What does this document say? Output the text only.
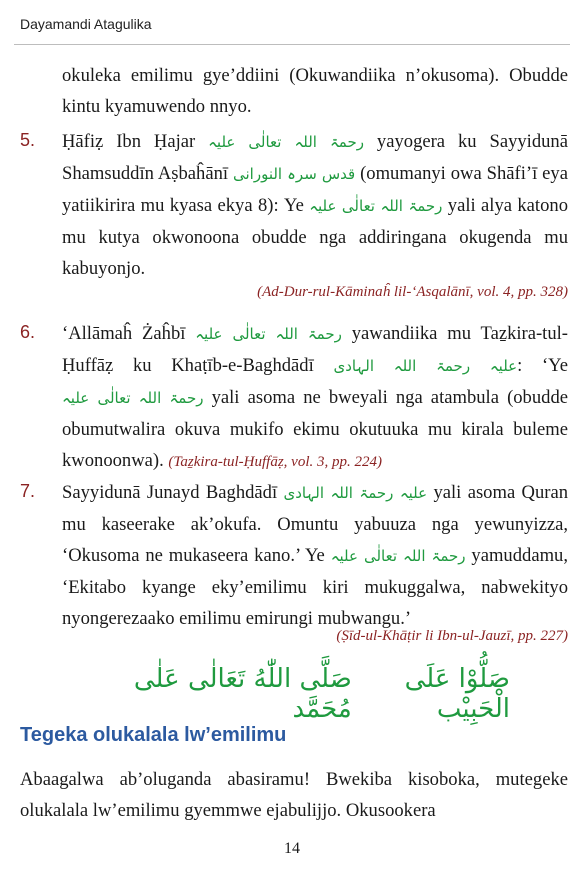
Dayamandi Atagulika
okuleka emilimu gye’ddiini (Okuwandiika n’okusoma). Obudde kintu kyamuwendo nnyo.
5. Ḥāfiẓ Ibn Ḥajar رحمۃ اللہ تعالٰی علیہ yayogera ku Sayyidunā Shamsuddīn Aṣbaĥānī قدس سرہ النورانی (omumanyi owa Shāfi’ī eya yatiikirira mu kyasa ekya 8): Ye رحمۃ اللہ تعالٰی علیہ yali alya katono mu kutya okwonoona obudde nga addiringana okugenda mu kabuyonjo.
(Ad-Dur-rul-Kāminaĥ lil-‘Asqalānī, vol. 4, pp. 328)
6. ‘Allāmaĥ Żaĥbī رحمۃ اللہ تعالٰی علیہ yawandiika mu Taẕkira-tul-Ḥuffāẓ ku Khaṭīb-e-Baghdādī علیہ رحمۃ اللہ الہادی: ‘Ye رحمۃ اللہ تعالٰی علیہ yali asoma ne bweyali nga atambula (obudde obumutwalira okuva mukifo ekimu okutuuka mu kirala buleme kwonoonwa). (Taẕkira-tul-Ḥuffāẓ, vol. 3, pp. 224)
7. Sayyidunā Junayd Baghdādī علیہ رحمۃ اللہ الہادی yali asoma Quran mu kaseerake ak’okufa. Omuntu yabuuza nga yewunyizza, ‘Okusoma ne mukaseera kano.’ Ye رحمۃ اللہ تعالٰی علیہ yamuddamu, ‘Ekitabo kyange eky’emilimu kiri mukuggalwa, nabwekityo nyongerezaako emilimu emirungi mubwangu.’
(Ṣīd-ul-Khāṭir li Ibn-ul-Jauzī, pp. 227)
صَلُّوْا عَلَى الْحَبِیْب
صَلَّی اللّٰهُ تَعَالٰی عَلٰی مُحَمَّد
Tegeka olukalala lw’emilimu
Abaagalwa ab’oluganda abasiramu! Bwekiba kisoboka, mutegeke olukalala lw’emilimu gyemmwe ejabulijjo. Okusookera
14
